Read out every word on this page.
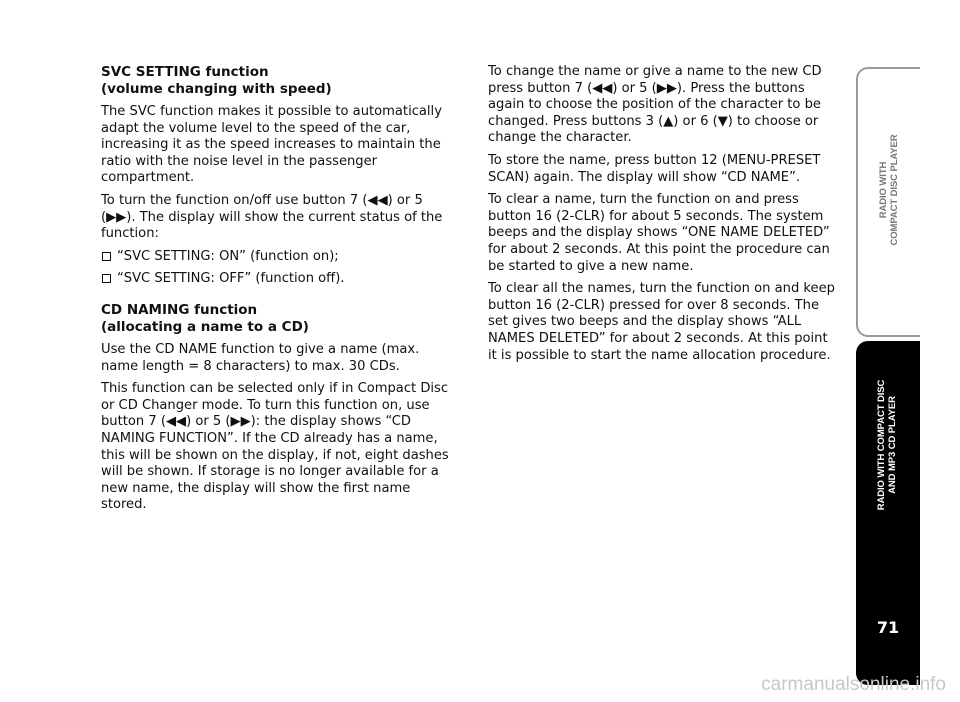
SVC SETTING function
(volume changing with speed)

The SVC function makes it possible to automatically adapt the volume level to the speed of the car, increasing it as the speed increases to maintain the ratio with the noise level in the passenger compartment.

To turn the function on/off use button 7 (◀◀) or 5 (▶▶). The display will show the current status of the function:

“SVC SETTING: ON” (function on);

“SVC SETTING: OFF” (function off).

CD NAMING function
(allocating a name to a CD)

Use the CD NAME function to give a name (max. name length = 8 characters) to max. 30 CDs.

This function can be selected only if in Compact Disc or CD Changer mode. To turn this function on, use button 7 (◀◀) or 5 (▶▶): the display shows “CD NAMING FUNCTION”. If the CD already has a name, this will be shown on the display, if not, eight dashes will be shown. If storage is no longer available for a new name, the display will show the first name stored.

To change the name or give a name to the new CD press button 7 (◀◀) or 5 (▶▶). Press the buttons again to choose the position of the character to be changed. Press buttons 3 (▲) or 6 (▼) to choose or change the character.

To store the name, press button 12 (MENU-PRESET SCAN) again. The display will show “CD NAME”.

To clear a name, turn the function on and press button 16 (2-CLR) for about 5 seconds. The system beeps and the display shows “ONE NAME DELETED” for about 2 seconds. At this point the procedure can be started to give a new name.

To clear all the names, turn the function on and keep button 16 (2-CLR) pressed for over 8 seconds. The set gives two beeps and the display shows “ALL NAMES DELETED” for about 2 seconds. At this point it is possible to start the name allocation procedure.

RADIO WITH
COMPACT DISC PLAYER
RADIO WITH COMPACT DISC
AND MP3 CD PLAYER
71
carmanualsonline.info
